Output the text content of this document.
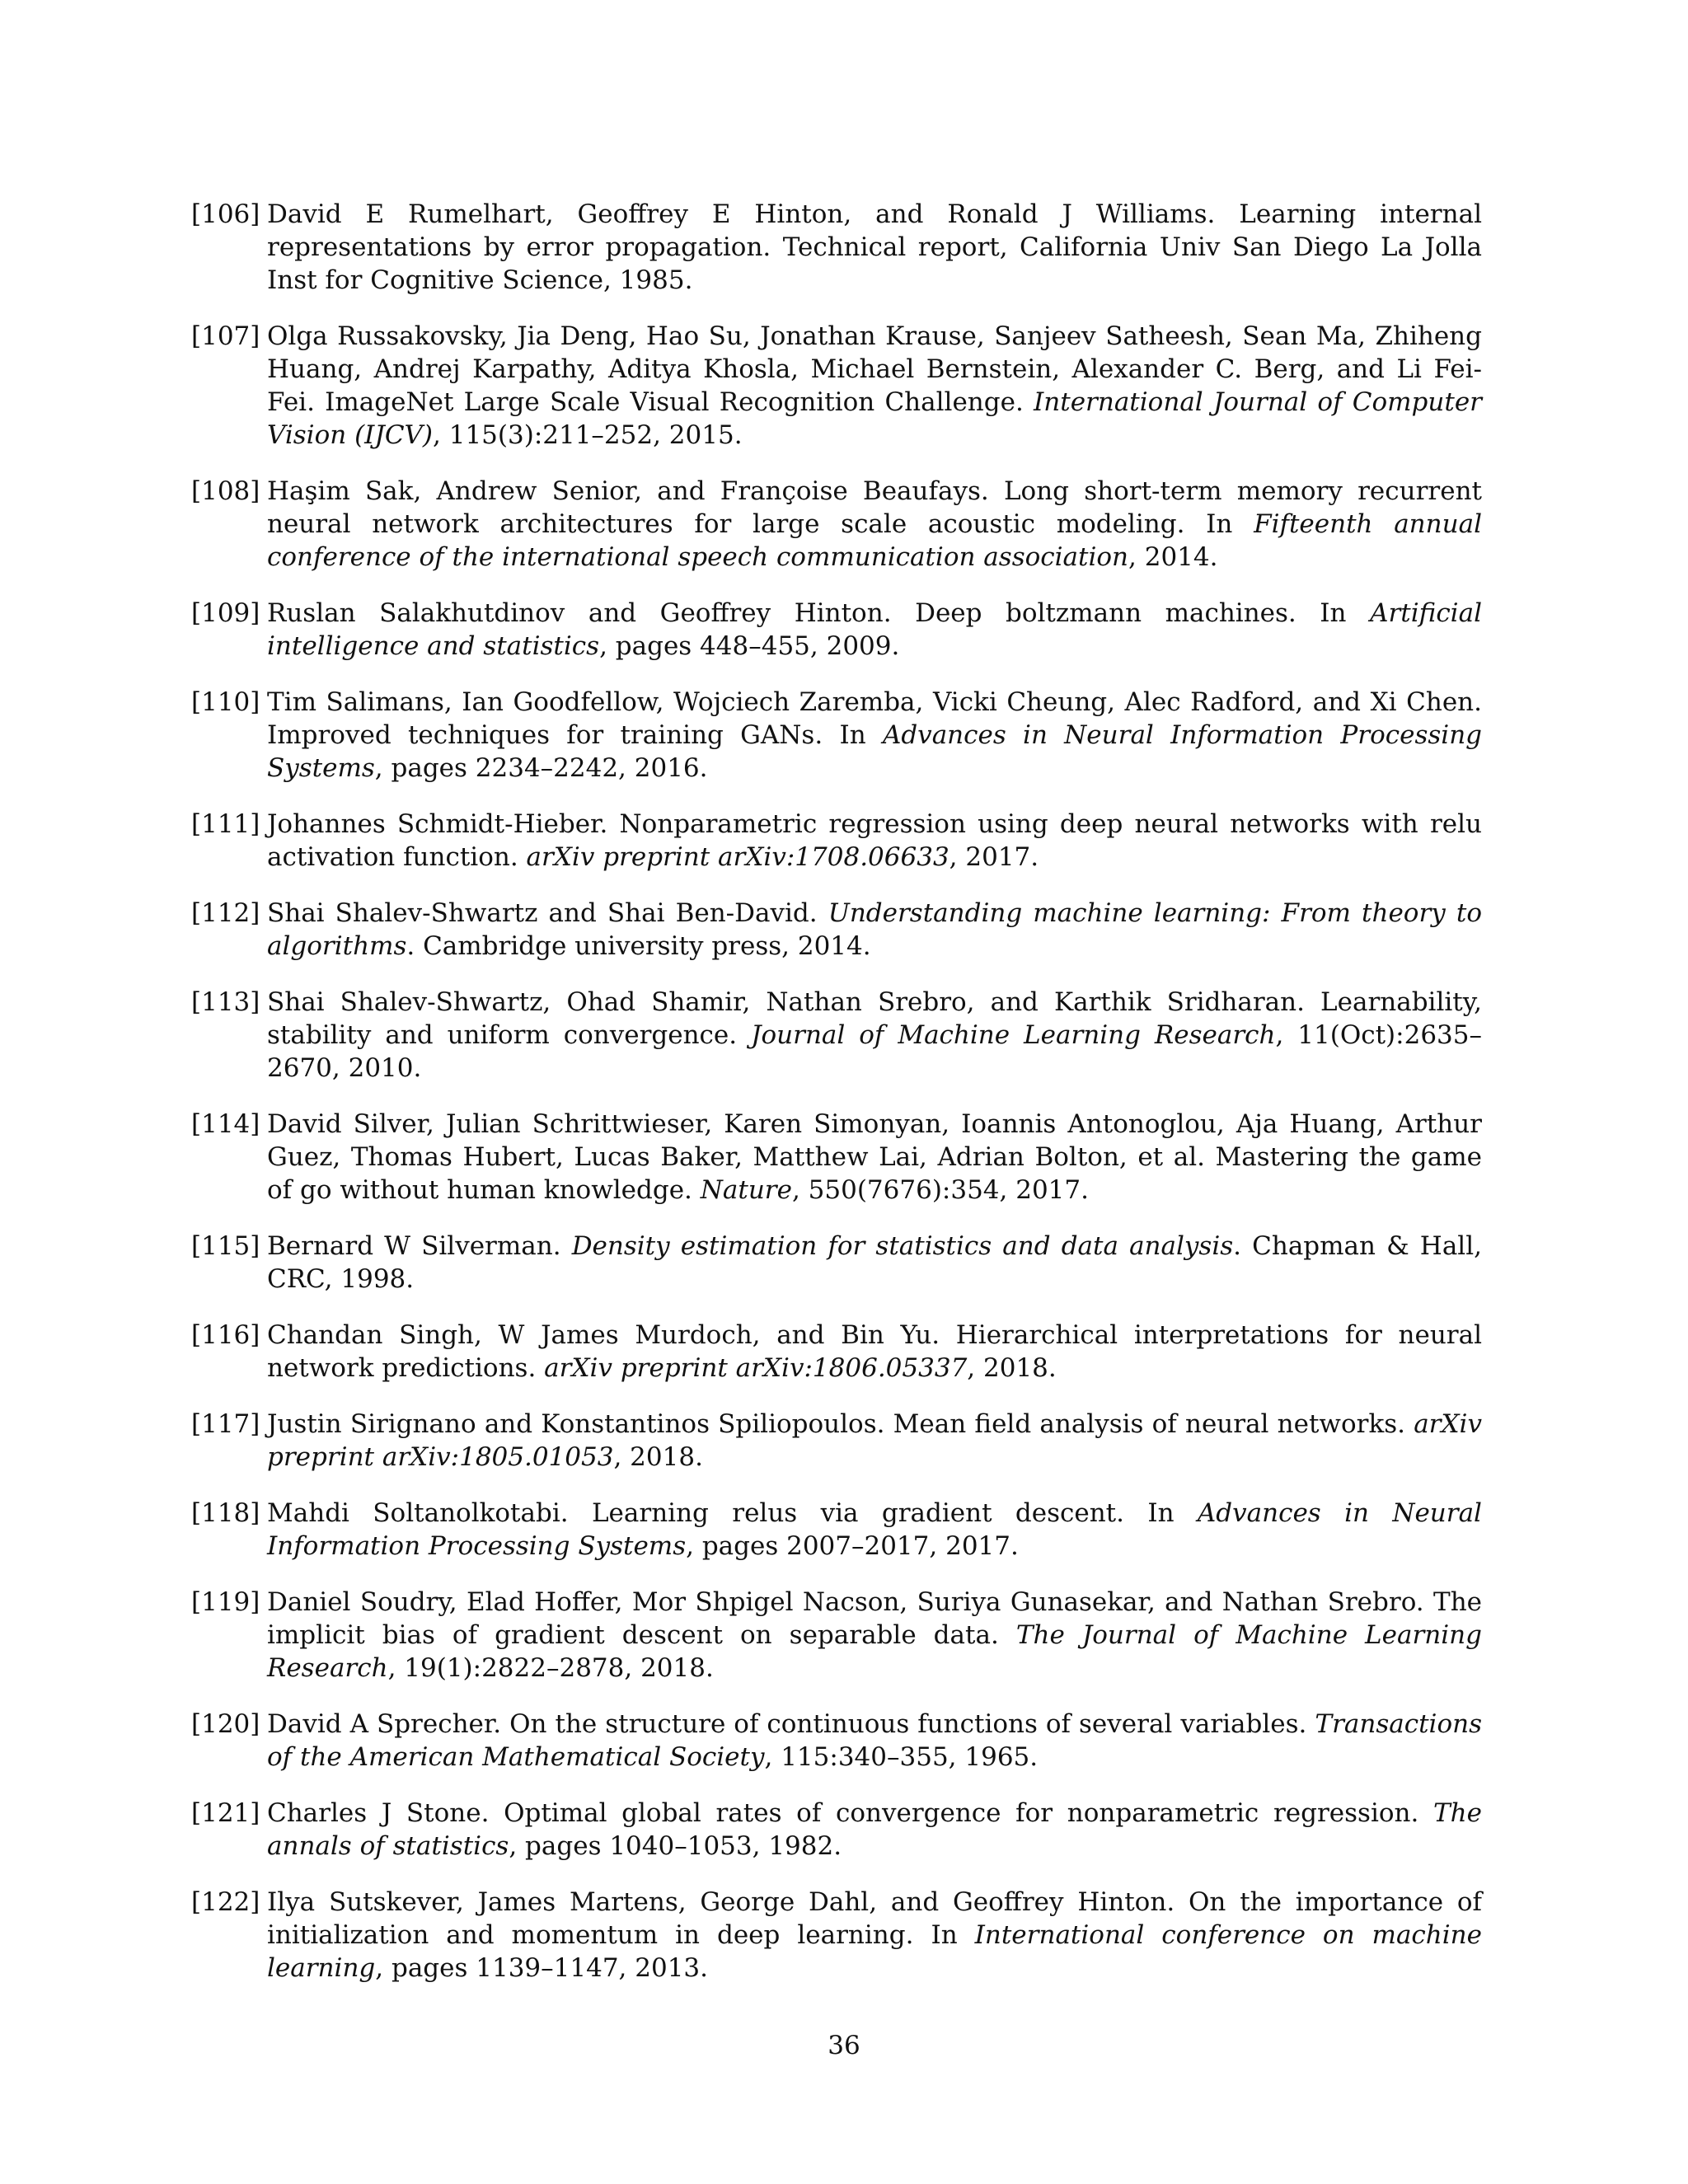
[106] David E Rumelhart, Geoffrey E Hinton, and Ronald J Williams. Learning internal representations by error propagation. Technical report, California Univ San Diego La Jolla Inst for Cognitive Science, 1985.
[107] Olga Russakovsky, Jia Deng, Hao Su, Jonathan Krause, Sanjeev Satheesh, Sean Ma, Zhiheng Huang, Andrej Karpathy, Aditya Khosla, Michael Bernstein, Alexander C. Berg, and Li Fei-Fei. ImageNet Large Scale Visual Recognition Challenge. International Journal of Computer Vision (IJCV), 115(3):211–252, 2015.
[108] Haşim Sak, Andrew Senior, and Françoise Beaufays. Long short-term memory recurrent neural network architectures for large scale acoustic modeling. In Fifteenth annual conference of the international speech communication association, 2014.
[109] Ruslan Salakhutdinov and Geoffrey Hinton. Deep boltzmann machines. In Artificial intelligence and statistics, pages 448–455, 2009.
[110] Tim Salimans, Ian Goodfellow, Wojciech Zaremba, Vicki Cheung, Alec Radford, and Xi Chen. Improved techniques for training GANs. In Advances in Neural Information Processing Systems, pages 2234–2242, 2016.
[111] Johannes Schmidt-Hieber. Nonparametric regression using deep neural networks with relu activation function. arXiv preprint arXiv:1708.06633, 2017.
[112] Shai Shalev-Shwartz and Shai Ben-David. Understanding machine learning: From theory to algorithms. Cambridge university press, 2014.
[113] Shai Shalev-Shwartz, Ohad Shamir, Nathan Srebro, and Karthik Sridharan. Learnability, stability and uniform convergence. Journal of Machine Learning Research, 11(Oct):2635–2670, 2010.
[114] David Silver, Julian Schrittwieser, Karen Simonyan, Ioannis Antonoglou, Aja Huang, Arthur Guez, Thomas Hubert, Lucas Baker, Matthew Lai, Adrian Bolton, et al. Mastering the game of go without human knowledge. Nature, 550(7676):354, 2017.
[115] Bernard W Silverman. Density estimation for statistics and data analysis. Chapman & Hall, CRC, 1998.
[116] Chandan Singh, W James Murdoch, and Bin Yu. Hierarchical interpretations for neural network predictions. arXiv preprint arXiv:1806.05337, 2018.
[117] Justin Sirignano and Konstantinos Spiliopoulos. Mean field analysis of neural networks. arXiv preprint arXiv:1805.01053, 2018.
[118] Mahdi Soltanolkotabi. Learning relus via gradient descent. In Advances in Neural Information Processing Systems, pages 2007–2017, 2017.
[119] Daniel Soudry, Elad Hoffer, Mor Shpigel Nacson, Suriya Gunasekar, and Nathan Srebro. The implicit bias of gradient descent on separable data. The Journal of Machine Learning Research, 19(1):2822–2878, 2018.
[120] David A Sprecher. On the structure of continuous functions of several variables. Transactions of the American Mathematical Society, 115:340–355, 1965.
[121] Charles J Stone. Optimal global rates of convergence for nonparametric regression. The annals of statistics, pages 1040–1053, 1982.
[122] Ilya Sutskever, James Martens, George Dahl, and Geoffrey Hinton. On the importance of initialization and momentum in deep learning. In International conference on machine learning, pages 1139–1147, 2013.
36
